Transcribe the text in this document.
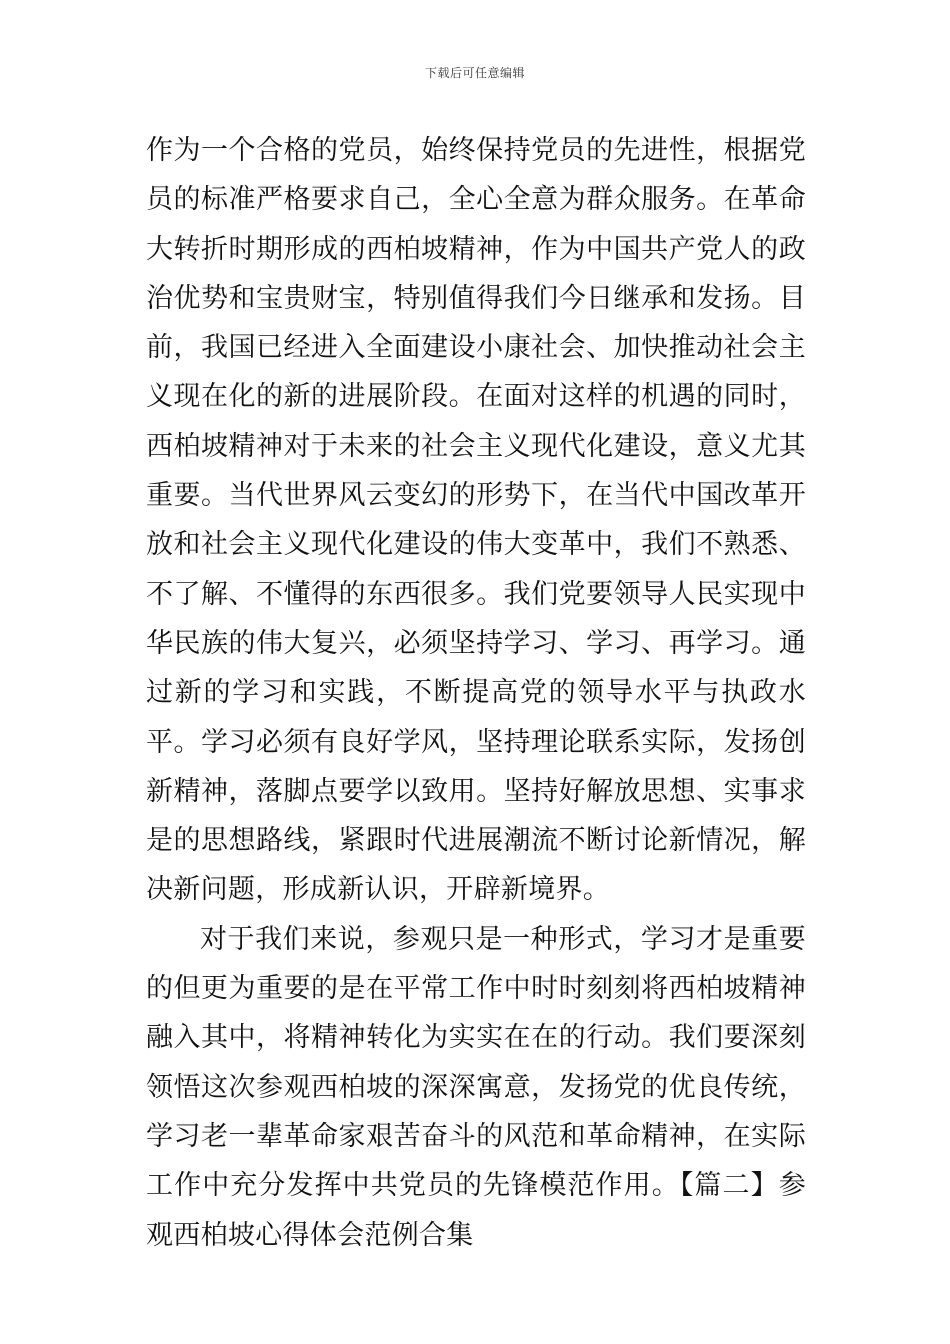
下载后可任意编辑

作为一个合格的党员，始终保持党员的先进性，根据党员的标准严格要求自己，全心全意为群众服务。在革命大转折时期形成的西柏坡精神，作为中国共产党人的政治优势和宝贵财宝，特别值得我们今日继承和发扬。目前，我国已经进入全面建设小康社会、加快推动社会主义现在化的新的进展阶段。在面对这样的机遇的同时，西柏坡精神对于未来的社会主义现代化建设，意义尤其重要。当代世界风云变幻的形势下，在当代中国改革开放和社会主义现代化建设的伟大变革中，我们不熟悉、不了解、不懂得的东西很多。我们党要领导人民实现中华民族的伟大复兴，必须坚持学习、学习、再学习。通过新的学习和实践，不断提高党的领导水平与执政水平。学习必须有良好学风，坚持理论联系实际，发扬创新精神，落脚点要学以致用。坚持好解放思想、实事求是的思想路线，紧跟时代进展潮流不断讨论新情况，解决新问题，形成新认识，开辟新境界。

对于我们来说，参观只是一种形式，学习才是重要的但更为重要的是在平常工作中时时刻刻将西柏坡精神融入其中，将精神转化为实实在在的行动。我们要深刻领悟这次参观西柏坡的深深寓意，发扬党的优良传统，学习老一辈革命家艰苦奋斗的风范和革命精神，在实际工作中充分发挥中共党员的先锋模范作用。【篇二】参观西柏坡心得体会范例合集
